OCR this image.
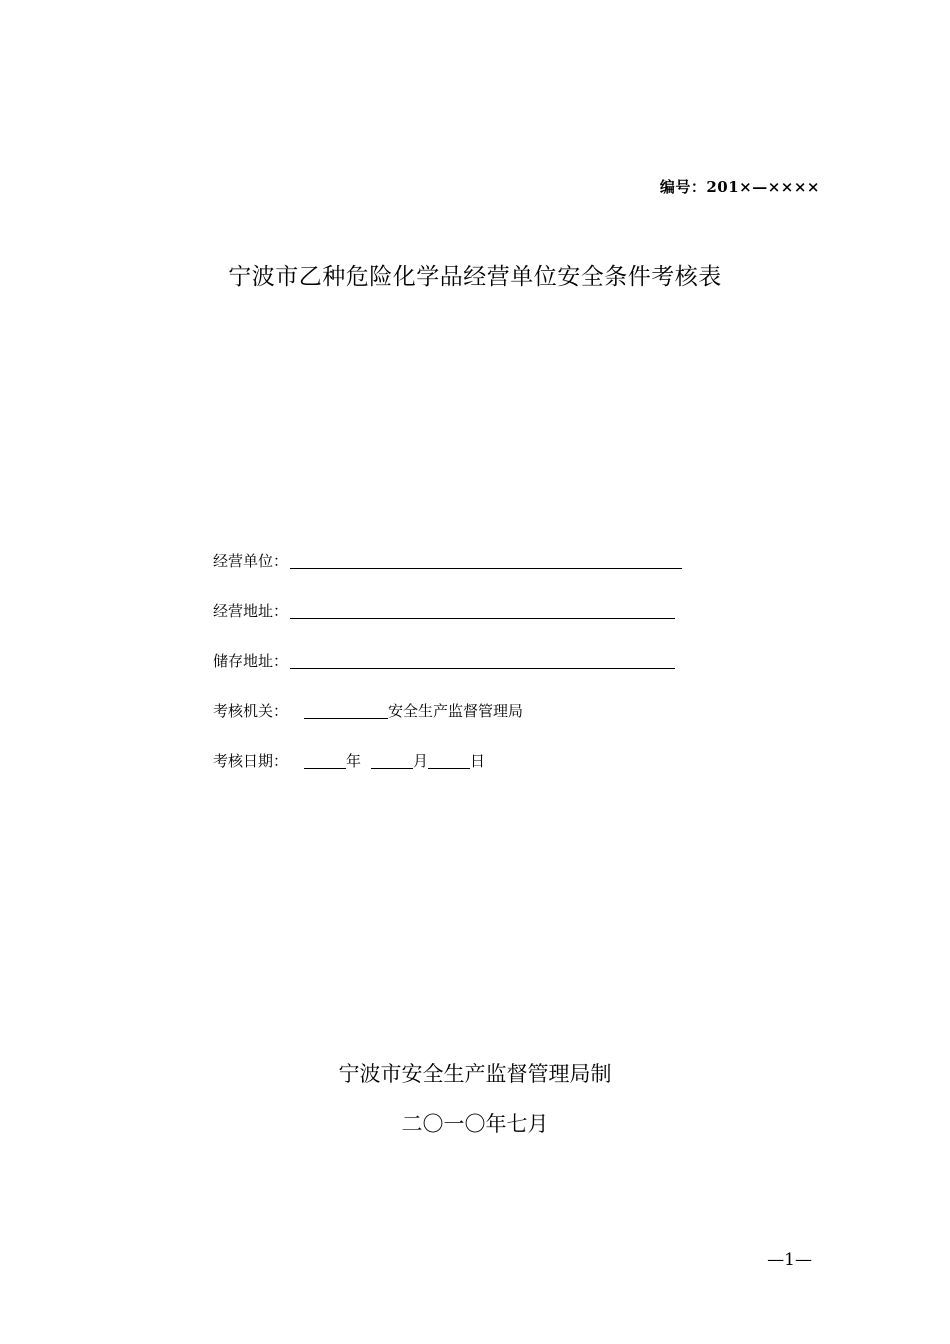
编号：201×—××××
宁波市乙种危险化学品经营单位安全条件考核表
经营单位：
经营地址：
储存地址：
考核机关：	安全生产监督管理局
考核日期：	年	月	日
宁波市安全生产监督管理局制
二〇一〇年七月
—1—
